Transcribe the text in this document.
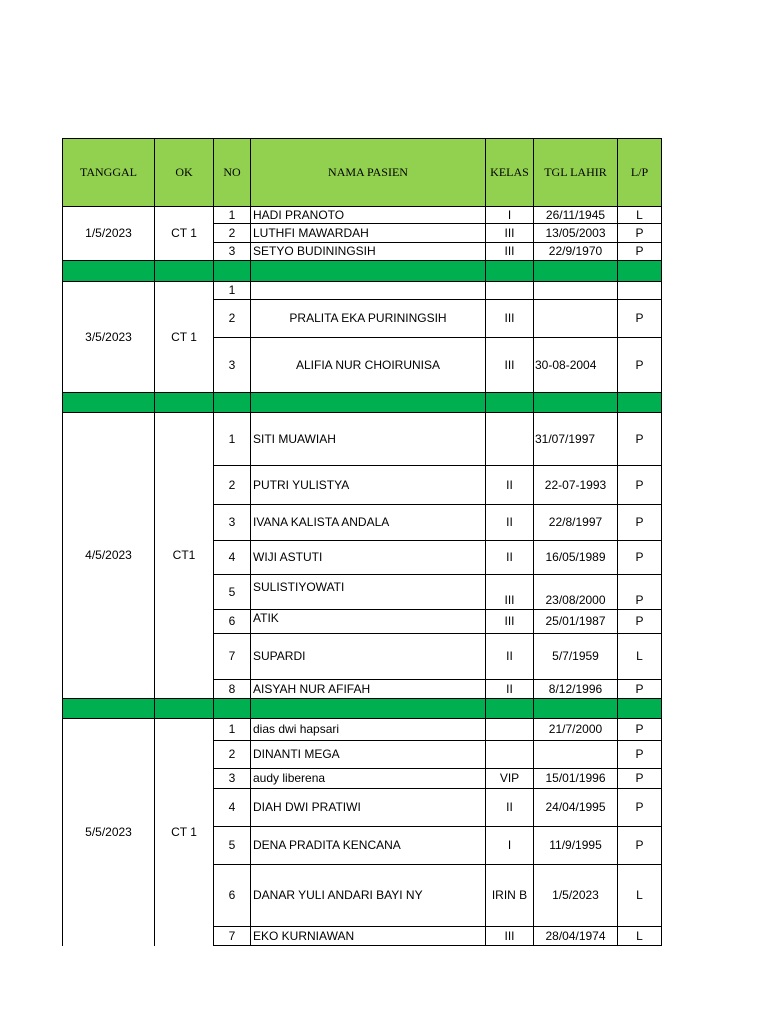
TANGGAL	OK	NO	NAMA PASIEN	KELAS	TGL LAHIR	L/P
1/5/2023	CT 1	1	HADI PRANOTO	I	26/11/1945	L
		2	LUTHFI MAWARDAH	III	13/05/2003	P
		3	SETYO BUDININGSIH	III	22/9/1970	P

3/5/2023	CT 1	1				
		2	PRALITA EKA PURININGSIH	III		P
		3	ALIFIA NUR CHOIRUNISA	III	30-08-2004	P

4/5/2023	CT1	1	SITI MUAWIAH		31/07/1997	P
		2	PUTRI YULISTYA	II	22-07-1993	P
		3	IVANA KALISTA ANDALA	II	22/8/1997	P
		4	WIJI ASTUTI	II	16/05/1989	P
		5	SULISTIYOWATI	III	23/08/2000	P
		6	ATIK	III	25/01/1987	P
		7	SUPARDI	II	5/7/1959	L
		8	AISYAH NUR AFIFAH	II	8/12/1996	P

5/5/2023	CT 1	1	dias dwi hapsari		21/7/2000	P
		2	DINANTI MEGA			P
		3	audy liberena	VIP	15/01/1996	P
		4	DIAH DWI PRATIWI	II	24/04/1995	P
		5	DENA PRADITA KENCANA	I	11/9/1995	P
		6	DANAR YULI ANDARI BAYI NY	IRIN B	1/5/2023	L
		7	EKO KURNIAWAN	III	28/04/1974	L
